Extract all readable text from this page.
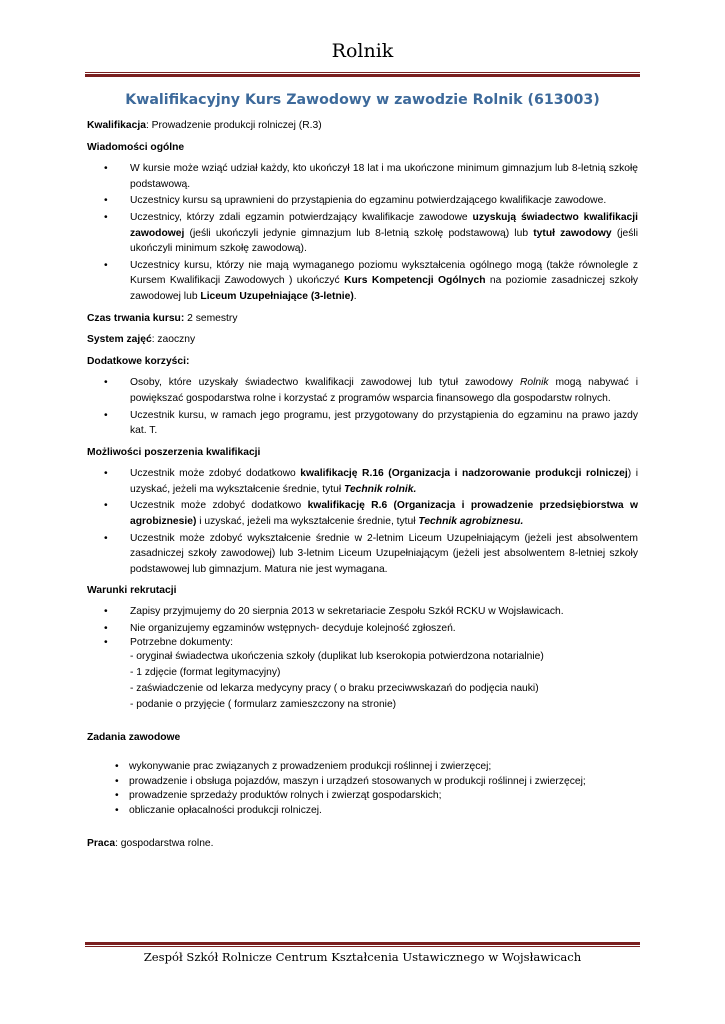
Rolnik
Kwalifikacyjny Kurs Zawodowy w zawodzie Rolnik (613003)

Kwalifikacja: Prowadzenie produkcji rolniczej (R.3)

Wiadomości ogólne

• W kursie może wziąć udział każdy, kto ukończył 18 lat i ma ukończone minimum gimnazjum lub 8-letnią szkołę podstawową.
• Uczestnicy kursu są uprawnieni do przystąpienia do egzaminu potwierdzającego kwalifikacje zawodowe.
• Uczestnicy, którzy zdali egzamin potwierdzający kwalifikacje zawodowe uzyskują świadectwo kwalifikacji zawodowej (jeśli ukończyli jedynie gimnazjum lub 8-letnią szkołę podstawową) lub tytuł zawodowy (jeśli ukończyli minimum szkołę zawodową).
• Uczestnicy kursu, którzy nie mają wymaganego poziomu wykształcenia ogólnego mogą (także równolegle z Kursem Kwalifikacji Zawodowych ) ukończyć Kurs Kompetencji Ogólnych na poziomie zasadniczej szkoły zawodowej lub Liceum Uzupełniające (3-letnie).

Czas trwania kursu: 2 semestry

System zajęć: zaoczny

Dodatkowe korzyści:

• Osoby, które uzyskały świadectwo kwalifikacji zawodowej lub tytuł zawodowy Rolnik mogą nabywać i powiększać gospodarstwa rolne i korzystać z programów wsparcia finansowego dla gospodarstw rolnych.
• Uczestnik kursu, w ramach jego programu, jest przygotowany do przystąpienia do egzaminu na prawo jazdy kat. T.

Możliwości poszerzenia kwalifikacji

• Uczestnik może zdobyć dodatkowo kwalifikację R.16 (Organizacja i nadzorowanie produkcji rolniczej) i uzyskać, jeżeli ma wykształcenie średnie, tytuł Technik rolnik.
• Uczestnik może zdobyć dodatkowo kwalifikację R.6 (Organizacja i prowadzenie przedsiębiorstwa w agrobiznesie) i uzyskać, jeżeli ma wykształcenie średnie, tytuł Technik agrobiznesu.
• Uczestnik może zdobyć wykształcenie średnie w 2-letnim Liceum Uzupełniającym (jeżeli jest absolwentem zasadniczej szkoły zawodowej) lub 3-letnim Liceum Uzupełniającym (jeżeli jest absolwentem 8-letniej szkoły podstawowej lub gimnazjum. Matura nie jest wymagana.

Warunki rekrutacji

• Zapisy przyjmujemy do 20 sierpnia 2013 w sekretariacie Zespołu Szkół RCKU w Wojsławicach.
• Nie organizujemy egzaminów wstępnych- decyduje kolejność zgłoszeń.
• Potrzebne dokumenty:
- oryginał świadectwa ukończenia szkoły (duplikat lub kserokopia potwierdzona notarialnie)
- 1 zdjęcie (format legitymacyjny)
- zaświadczenie od lekarza medycyny pracy ( o braku przeciwwskazań do podjęcia nauki)
- podanie o przyjęcie ( formularz zamieszczony na stronie)

Zadania zawodowe

• wykonywanie prac związanych z prowadzeniem produkcji roślinnej i zwierzęcej;
• prowadzenie i obsługa pojazdów, maszyn i urządzeń stosowanych w produkcji roślinnej i zwierzęcej;
• prowadzenie sprzedaży produktów rolnych i zwierząt gospodarskich;
• obliczanie opłacalności produkcji rolniczej.

Praca: gospodarstwa rolne.

Zespół Szkół Rolnicze Centrum Kształcenia Ustawicznego w Wojsławicach
